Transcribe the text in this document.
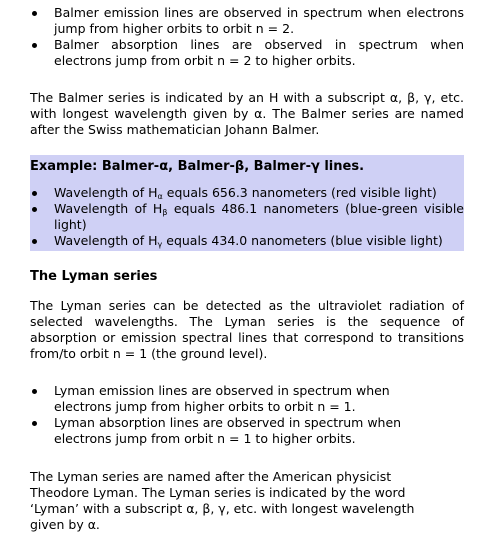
Balmer emission lines are observed in spectrum when electrons jump from higher orbits to orbit n = 2.
Balmer absorption lines are observed in spectrum when electrons jump from orbit n = 2 to higher orbits.

The Balmer series is indicated by an H with a subscript α, β, γ, etc. with longest wavelength given by α. The Balmer series are named after the Swiss mathematician Johann Balmer.

Example: Balmer-α, Balmer-β, Balmer-γ lines.

Wavelength of $H_\alpha$ equals 656.3 nanometers (red visible light)
Wavelength of $H_\beta$ equals 486.1 nanometers (blue-green visible light)
Wavelength of $H_\gamma$ equals 434.0 nanometers (blue visible light)

The Lyman series

The Lyman series can be detected as the ultraviolet radiation of selected wavelengths. The Lyman series is the sequence of absorption or emission spectral lines that correspond to transitions from/to orbit n = 1 (the ground level).

Lyman emission lines are observed in spectrum when electrons jump from higher orbits to orbit n = 1.
Lyman absorption lines are observed in spectrum when electrons jump from orbit n = 1 to higher orbits.

The Lyman series are named after the American physicist Theodore Lyman. The Lyman series is indicated by the word ‘Lyman’ with a subscript α, β, γ, etc. with longest wavelength given by α.
